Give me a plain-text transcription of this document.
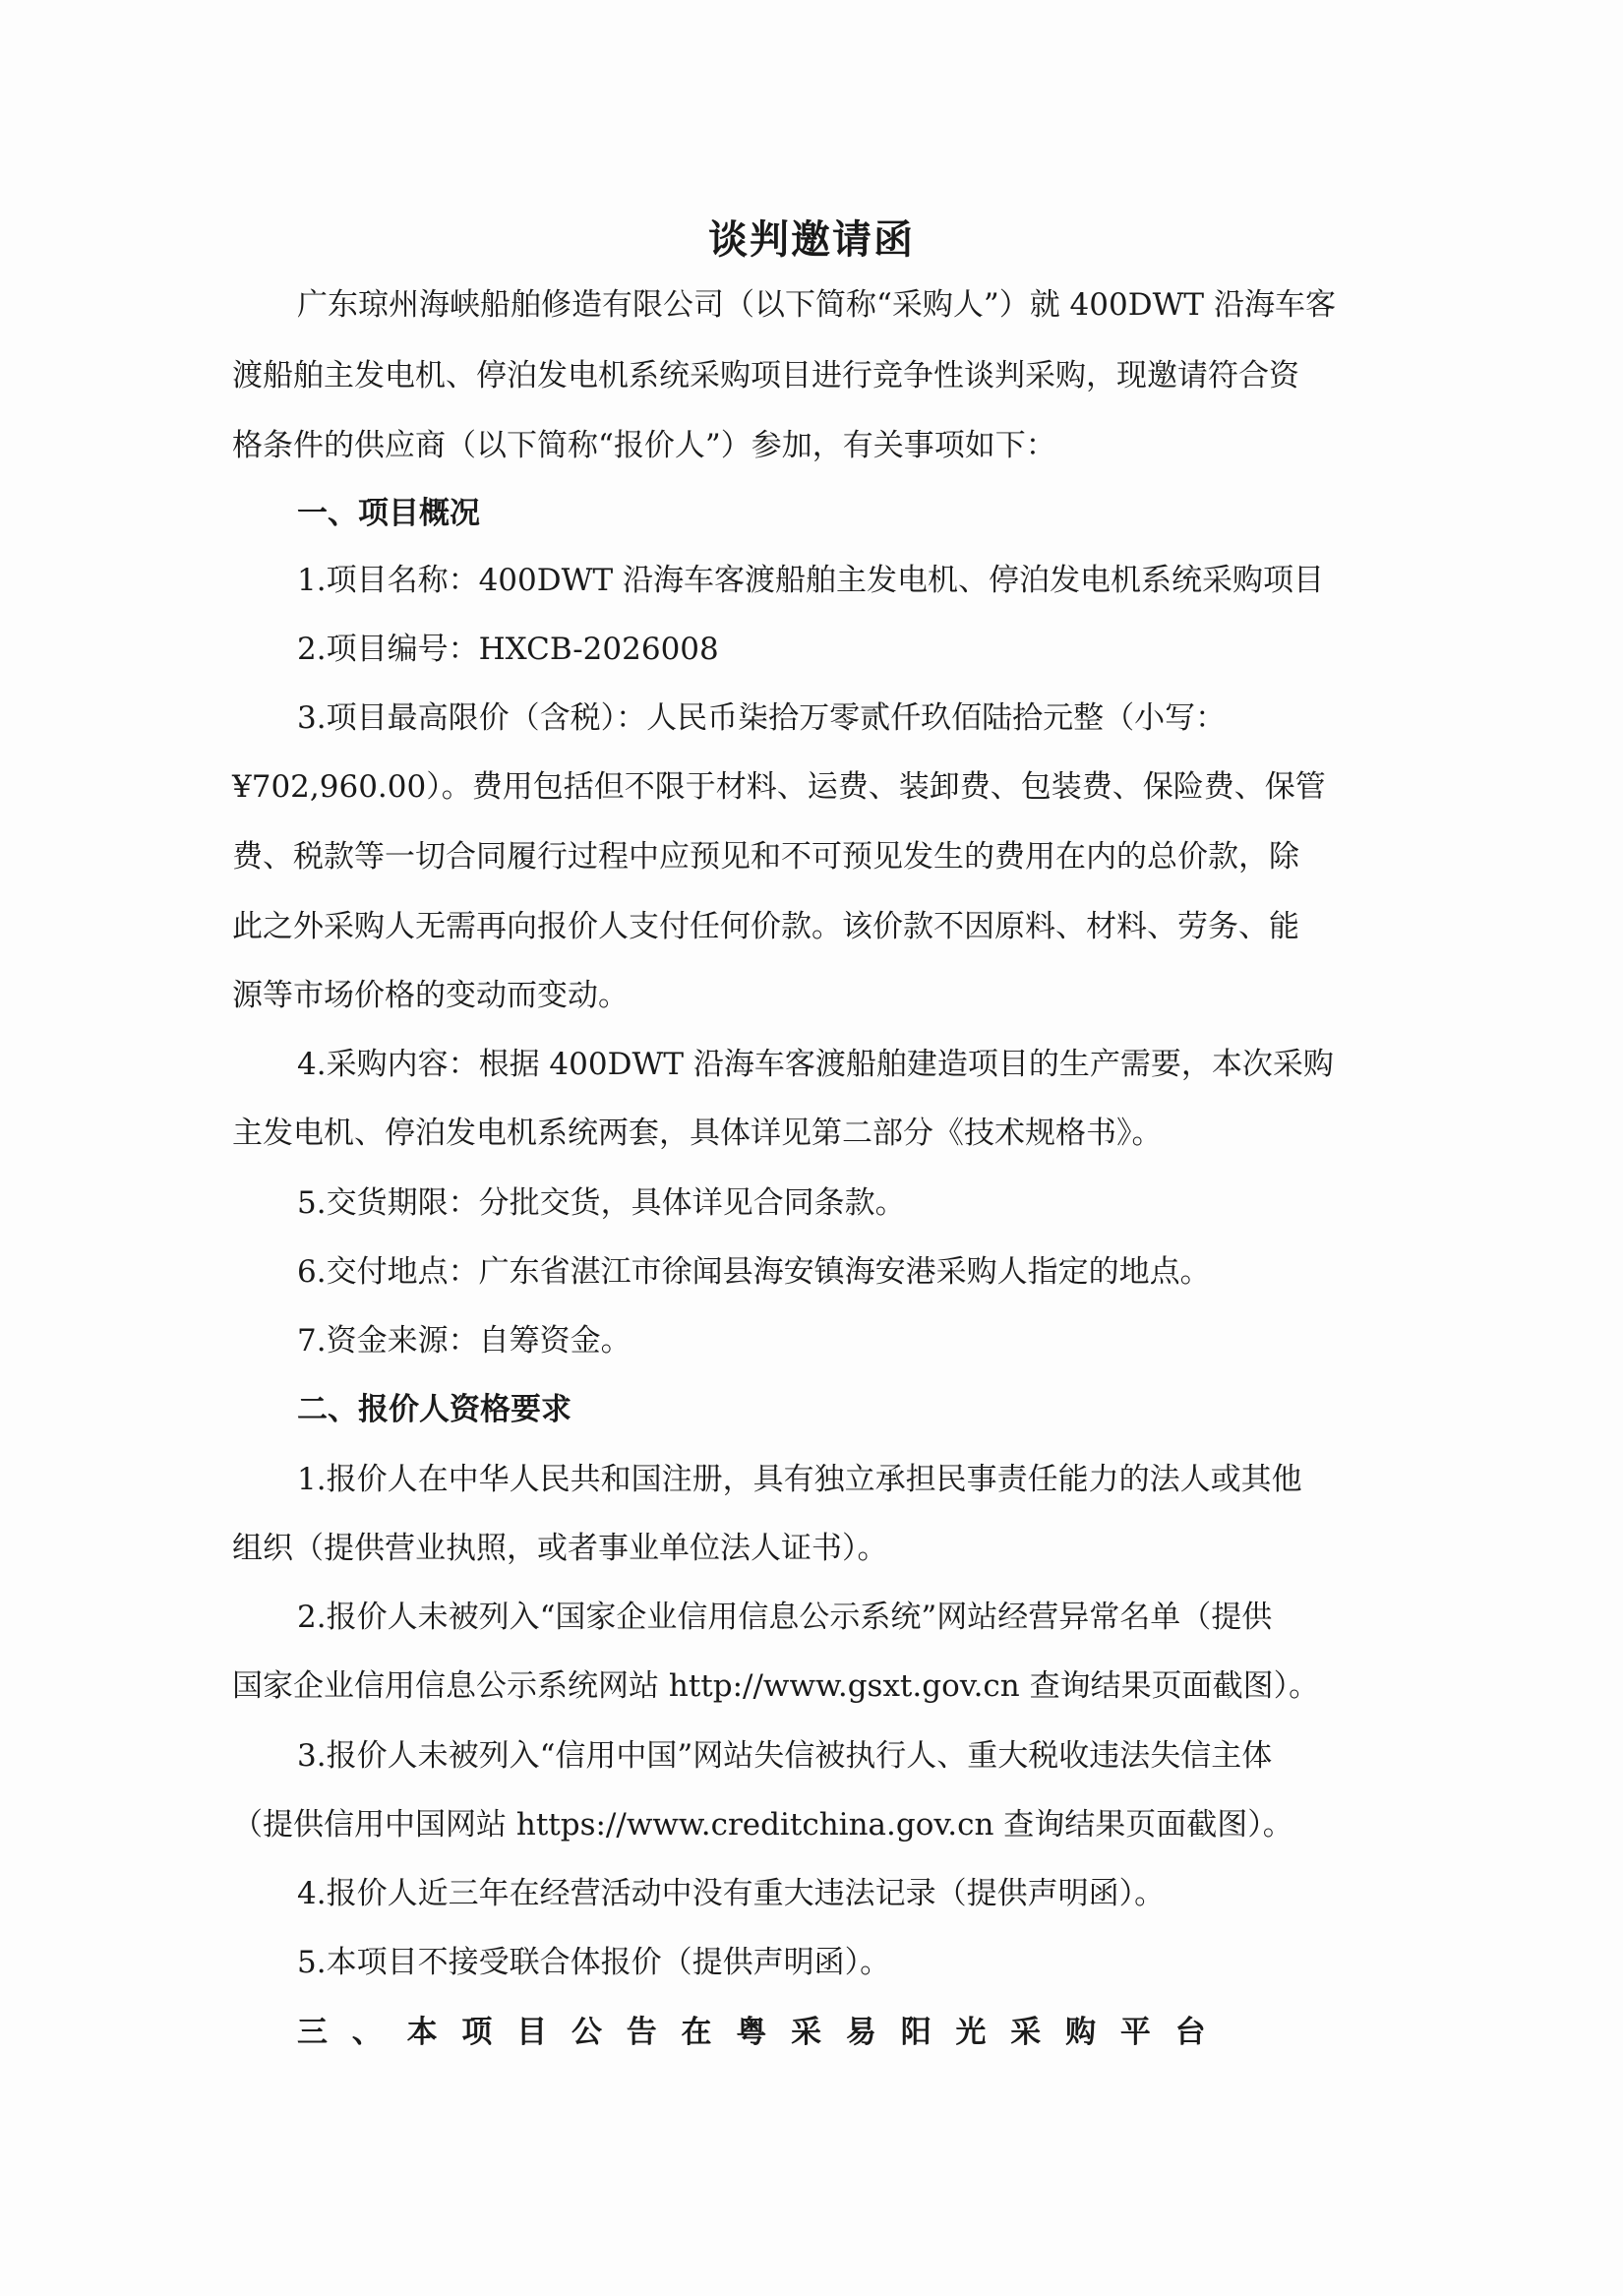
谈判邀请函
广东琼州海峡船舶修造有限公司（以下简称“采购人”）就 400DWT 沿海车客
渡船舶主发电机、停泊发电机系统采购项目进行竞争性谈判采购，现邀请符合资
格条件的供应商（以下简称“报价人”）参加，有关事项如下：
一、项目概况
1.项目名称：400DWT 沿海车客渡船舶主发电机、停泊发电机系统采购项目
2.项目编号：HXCB-2026008
3.项目最高限价（含税）：人民币柒拾万零贰仟玖佰陆拾元整（小写：
¥702,960.00）。费用包括但不限于材料、运费、装卸费、包装费、保险费、保管
费、税款等一切合同履行过程中应预见和不可预见发生的费用在内的总价款，除
此之外采购人无需再向报价人支付任何价款。该价款不因原料、材料、劳务、能
源等市场价格的变动而变动。
4.采购内容：根据 400DWT 沿海车客渡船舶建造项目的生产需要，本次采购
主发电机、停泊发电机系统两套，具体详见第二部分《技术规格书》。
5.交货期限：分批交货，具体详见合同条款。
6.交付地点：广东省湛江市徐闻县海安镇海安港采购人指定的地点。
7.资金来源：自筹资金。
二、报价人资格要求
1.报价人在中华人民共和国注册，具有独立承担民事责任能力的法人或其他
组织（提供营业执照，或者事业单位法人证书）。
2.报价人未被列入“国家企业信用信息公示系统”网站经营异常名单（提供
国家企业信用信息公示系统网站 http://www.gsxt.gov.cn 查询结果页面截图）。
3.报价人未被列入“信用中国”网站失信被执行人、重大税收违法失信主体
（提供信用中国网站 https://www.creditchina.gov.cn 查询结果页面截图）。
4.报价人近三年在经营活动中没有重大违法记录（提供声明函）。
5.本项目不接受联合体报价（提供声明函）。
三 、 本 项 目 公 告 在 粤 采 易 阳 光 采 购 平 台
